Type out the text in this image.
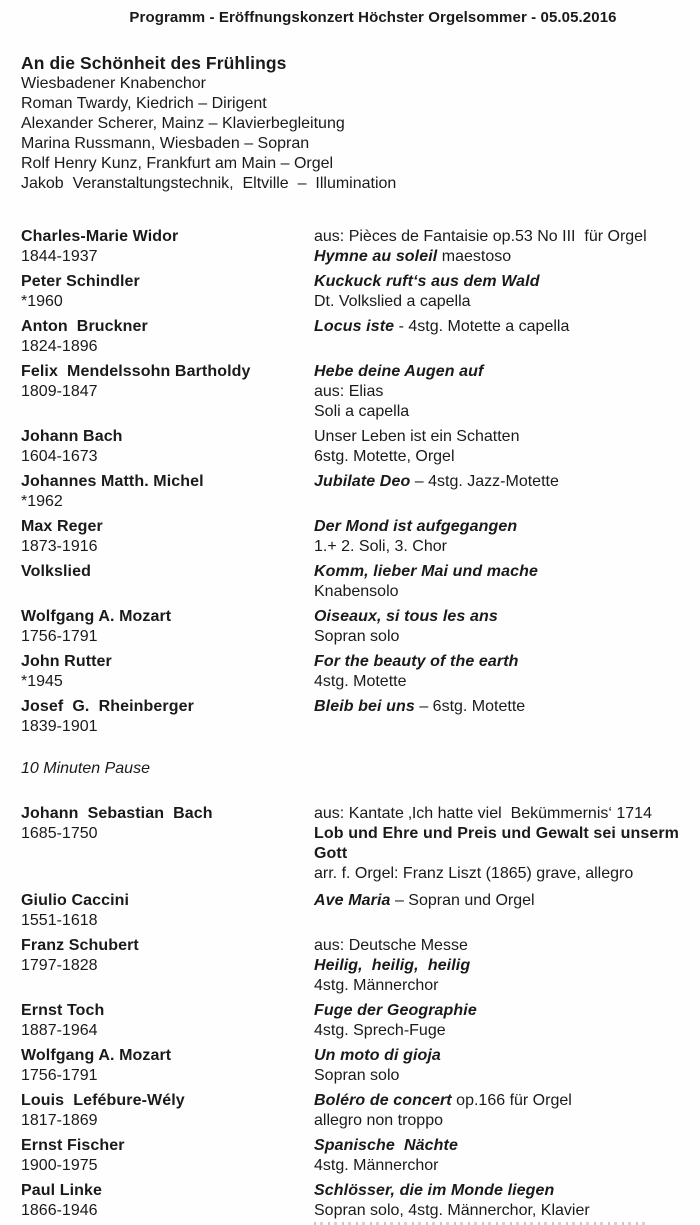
Programm - Eröffnungskonzert Höchster Orgelsommer - 05.05.2016
An die Schönheit des Frühlings
Wiesbadener Knabenchor
Roman Twardy, Kiedrich – Dirigent
Alexander Scherer, Mainz – Klavierbegleitung
Marina Russmann, Wiesbaden – Sopran
Rolf Henry Kunz, Frankfurt am Main – Orgel
Jakob  Veranstaltungstechnik,  Eltville  –  Illumination
Charles-Marie Widor
1844-1937
aus: Pièces de Fantaisie op.53 No III  für Orgel
Hymne au soleil maestoso
Peter Schindler
*1960
Kuckuck ruft‘s aus dem Wald
Dt. Volkslied a capella
Anton  Bruckner
1824-1896
Locus iste - 4stg. Motette a capella
Felix  Mendelssohn Bartholdy
1809-1847
Hebe deine Augen auf
aus: Elias
Soli a capella
Johann Bach
1604-1673
Unser Leben ist ein Schatten
6stg. Motette, Orgel
Johannes Matth. Michel
*1962
Jubilate Deo – 4stg. Jazz-Motette
Max Reger
1873-1916
Der Mond ist aufgegangen
1.+ 2. Soli, 3. Chor
Volkslied	Komm, lieber Mai und mache
Knabensolo
Wolfgang A. Mozart
1756-1791
Oiseaux, si tous les ans
Sopran solo
John Rutter
*1945
For the beauty of the earth
4stg. Motette
Josef  G.  Rheinberger
1839-1901
Bleib bei uns – 6stg. Motette
10 Minuten Pause
Johann  Sebastian  Bach
1685-1750
aus: Kantate ‚Ich hatte viel  Bekümmernis‘ 1714
Lob und Ehre und Preis und Gewalt sei unserm Gott
arr. f. Orgel: Franz Liszt (1865) grave, allegro
Giulio Caccini
1551-1618
Ave Maria – Sopran und Orgel
Franz Schubert
1797-1828
aus: Deutsche Messe
Heilig,  heilig,  heilig
4stg. Männerchor
Ernst Toch
1887-1964
Fuge der Geographie
4stg. Sprech-Fuge
Wolfgang A. Mozart
1756-1791
Un moto di gioja
Sopran solo
Louis  Lefébure-Wély
1817-1869
Boléro de concert op.166 für Orgel
allegro non troppo
Ernst Fischer
1900-1975
Spanische  Nächte
4stg. Männerchor
Paul Linke
1866-1946
Schlösser, die im Monde liegen
Sopran solo, 4stg. Männerchor, Klavier
